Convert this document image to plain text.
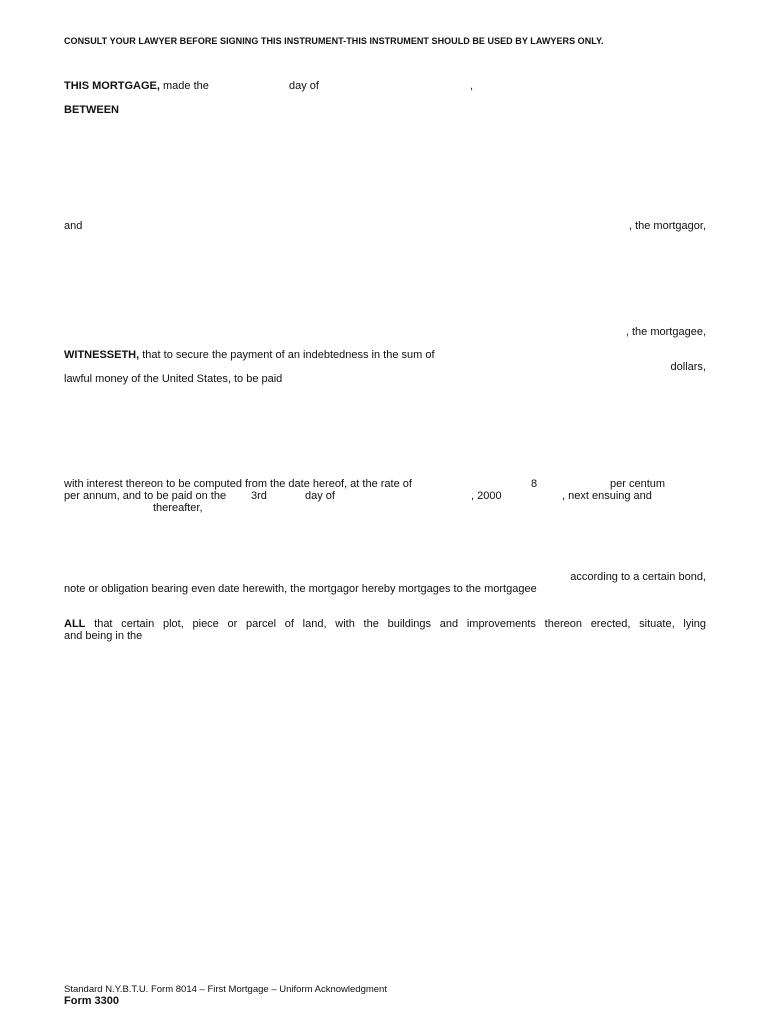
CONSULT YOUR LAWYER BEFORE SIGNING THIS INSTRUMENT-THIS INSTRUMENT SHOULD BE USED BY LAWYERS ONLY.
THIS MORTGAGE, made the	day of	,
BETWEEN
and	, the mortgagor,
, the mortgagee,
WITNESSETH, that to secure the payment of an indebtedness in the sum of
dollars,
lawful money of the United States, to be paid
with interest thereon to be computed from the date hereof, at the rate of	8	per centum
per annum, and to be paid on the 3rd	day of	, 2000	, next ensuing and
thereafter,
according to a certain bond,
note or obligation bearing even date herewith, the mortgagor hereby mortgages to the mortgagee
ALL that certain plot, piece or parcel of land, with the buildings and improvements thereon erected, situate, lying
and being in the
Standard N.Y.B.T.U. Form 8014 – First Mortgage – Uniform Acknowledgment
Form 3300
